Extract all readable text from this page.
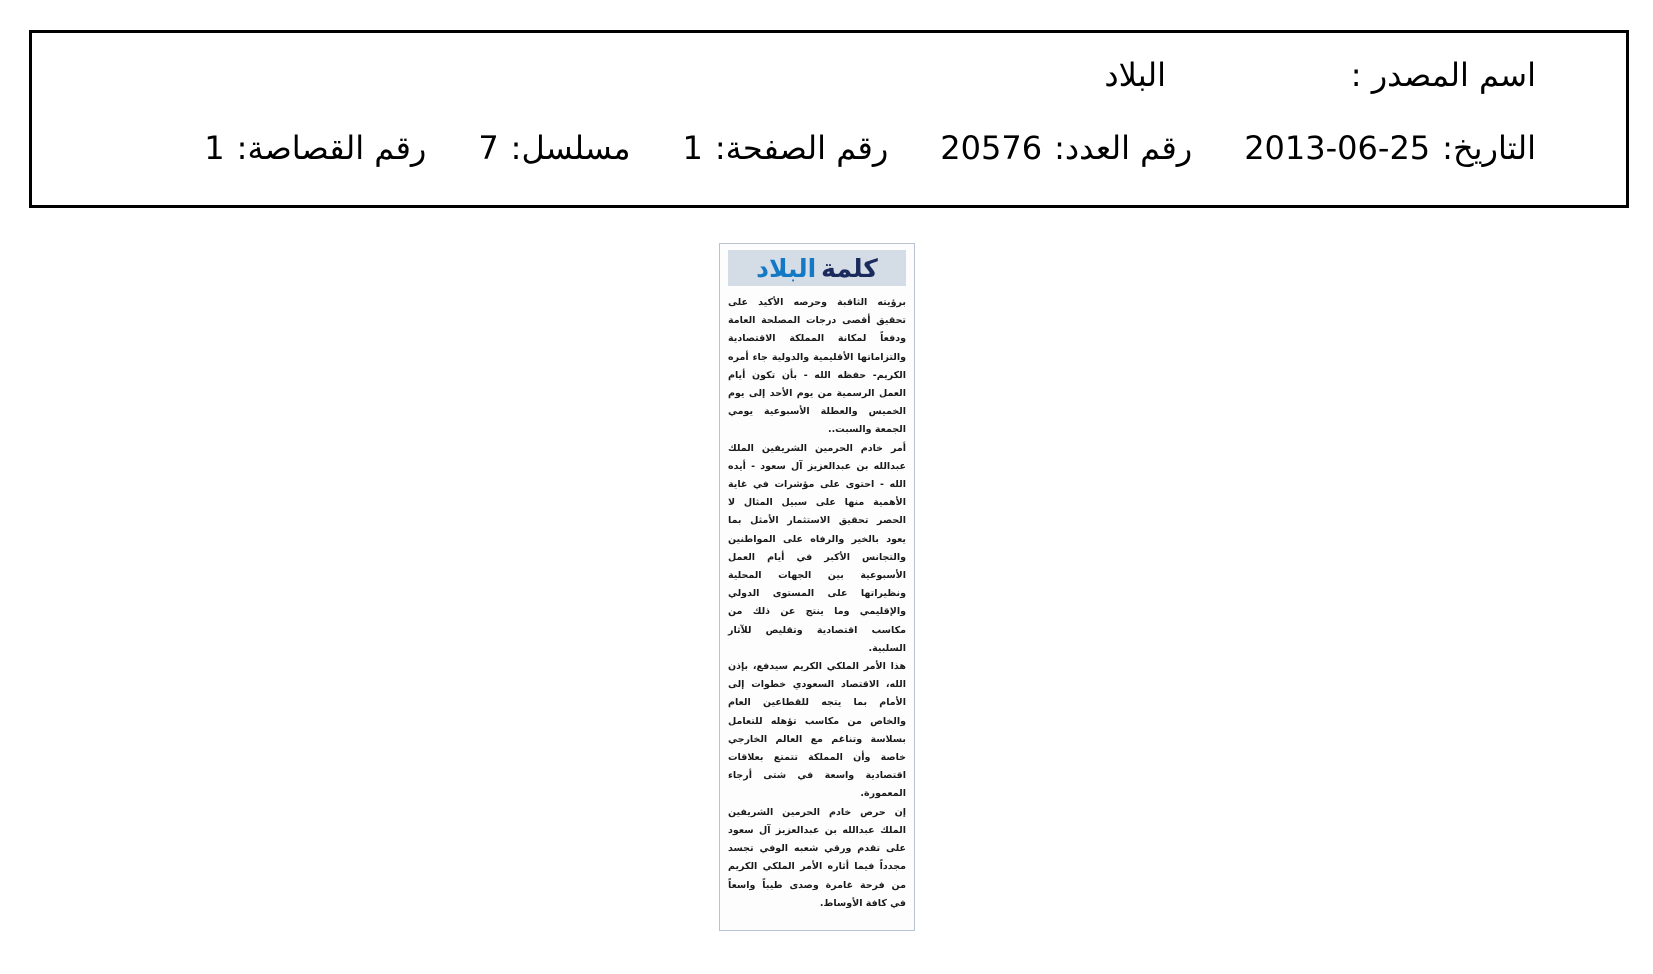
اسم المصدر :
البلاد
التاريخ:
2013-06-25
رقم العدد:
20576
رقم الصفحة:
1
مسلسل:
7
رقم القصاصة:
1
كلمة
البلاد

برؤيته الثاقبة وحرصه الأكيد على تحقيق أقصى درجات المصلحة العامة ودفعاً لمكانة المملكة الاقتصادية والتزاماتها الأقليمية والدولية جاء أمره الكريم- حفظه الله - بأن تكون أيام العمل الرسمية من يوم الأحد إلى يوم الخميس والعطلة الأسبوعية يومي الجمعة والسبت..

أمر خادم الحرمين الشريفين الملك عبدالله بن عبدالعزيز آل سعود - أيده الله - احتوى على مؤشرات في غاية الأهمية منها على سبيل المثال لا الحصر تحقيق الاستثمار الأمثل بما يعود بالخير والرفاه على المواطنين والتجانس الأكبر في أيام العمل الأسبوعية بين الجهات المحلية ونظيراتها على المستوى الدولي والإقليمي وما ينتج عن ذلك من مكاسب اقتصادية وتقليص للآثار السلبية.

هذا الأمر الملكي الكريم سيدفع، بإذن الله، الاقتصاد السعودي خطوات إلى الأمام بما يتجه للقطاعين العام والخاص من مكاسب تؤهله للتعامل بسلاسة وتناغم مع العالم الخارجي خاصة وأن المملكة تتمتع بعلاقات اقتصادية واسعة في شتى أرجاء المعمورة.

إن حرص خادم الحرمين الشريفين الملك عبدالله بن عبدالعزيز آل سعود على تقدم ورقي شعبه الوفي تجسد مجدداً فيما أثاره الأمر الملكي الكريم من فرحة غامرة وصدى طيباً واسعاً في كافة الأوساط.
